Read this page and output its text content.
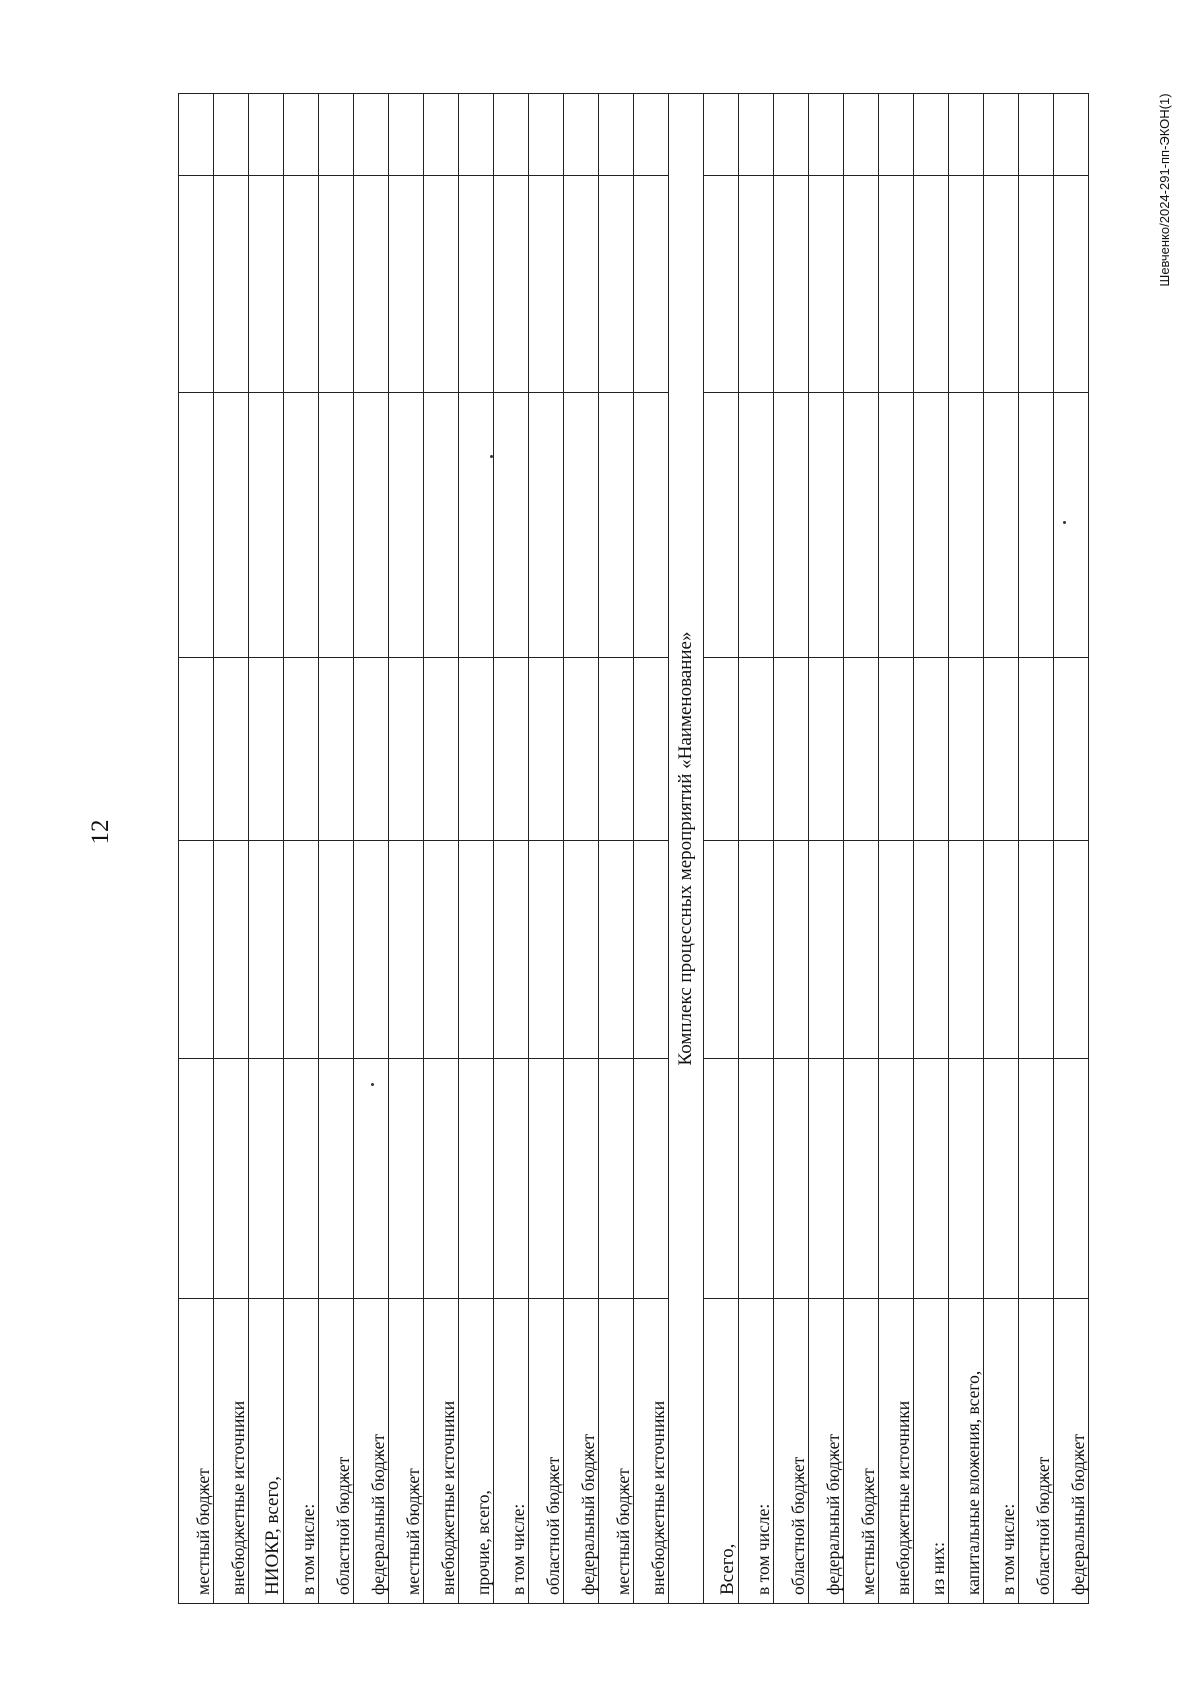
12
Шевченко/2024-291-пп-ЭКОН(1)
местный бюджет						
внебюджетные источники						
НИОКР, всего,						
в том числе:						
областной бюджет						
федеральный бюджет						
местный бюджет						
внебюджетные источники						
прочие, всего,						
в том числе:						
областной бюджет						
федеральный бюджет						
местный бюджет						
внебюджетные источники						
Комплекс процессных мероприятий «Наименование»						
Всего,						
в том числе:						
областной бюджет						
федеральный бюджет						
местный бюджет						
внебюджетные источники						
из них:						
капитальные вложения, всего,						
в том числе:						
областной бюджет						
федеральный бюджет						
